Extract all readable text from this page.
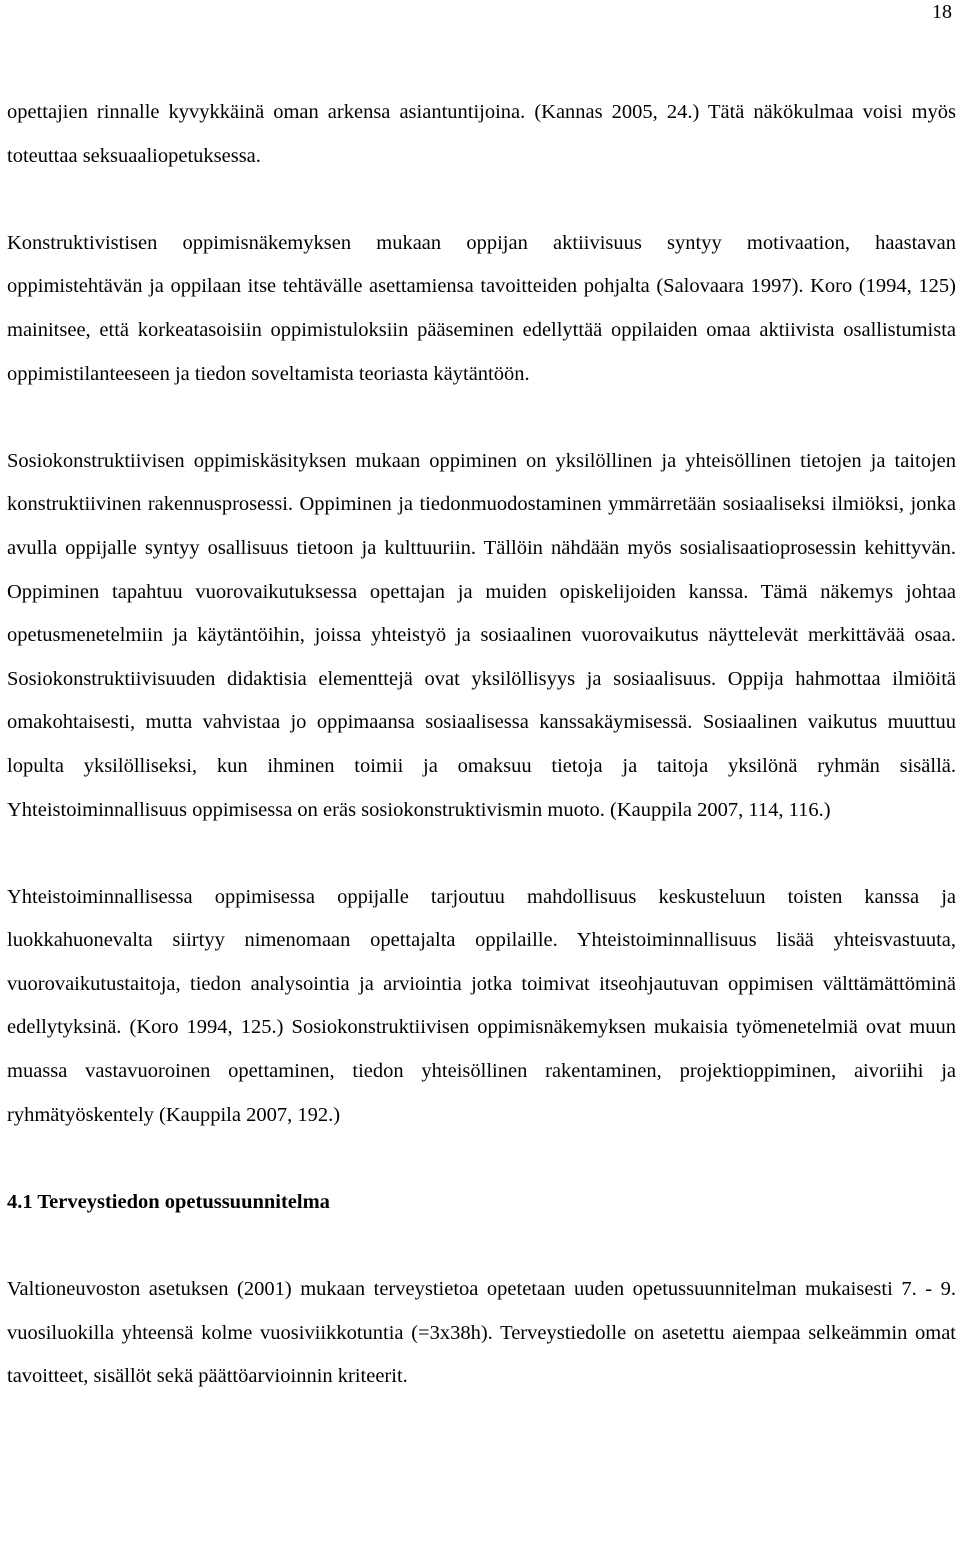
18

opettajien rinnalle kyvykkäinä oman arkensa asiantuntijoina. (Kannas 2005, 24.) Tätä näkökulmaa voisi myös toteuttaa seksuaaliopetuksessa.

Konstruktivistisen oppimisnäkemyksen mukaan oppijan aktiivisuus syntyy motivaation, haastavan oppimistehtävän ja oppilaan itse tehtävälle asettamiensa tavoitteiden pohjalta (Salovaara 1997). Koro (1994, 125) mainitsee, että korkeatasoisiin oppimistuloksiin pääseminen edellyttää oppilaiden omaa aktiivista osallistumista oppimistilanteeseen ja tiedon soveltamista teoriasta käytäntöön.

Sosiokonstruktiivisen oppimiskäsityksen mukaan oppiminen on yksilöllinen ja yhteisöllinen tietojen ja taitojen konstruktiivinen rakennusprosessi. Oppiminen ja tiedonmuodostaminen ymmärretään sosiaaliseksi ilmiöksi, jonka avulla oppijalle syntyy osallisuus tietoon ja kulttuuriin. Tällöin nähdään myös sosialisaatioprosessin kehittyvän. Oppiminen tapahtuu vuorovaikutuksessa opettajan ja muiden opiskelijoiden kanssa. Tämä näkemys johtaa opetusmenetelmiin ja käytäntöihin, joissa yhteistyö ja sosiaalinen vuorovaikutus näyttelevät merkittävää osaa. Sosiokonstruktiivisuuden didaktisia elementtejä ovat yksilöllisyys ja sosiaalisuus. Oppija hahmottaa ilmiöitä omakohtaisesti, mutta vahvistaa jo oppimaansa sosiaalisessa kanssakäymisessä. Sosiaalinen vaikutus muuttuu lopulta yksilölliseksi, kun ihminen toimii ja omaksuu tietoja ja taitoja yksilönä ryhmän sisällä. Yhteistoiminnallisuus oppimisessa on eräs sosiokonstruktivismin muoto. (Kauppila 2007, 114, 116.)

Yhteistoiminnallisessa oppimisessa oppijalle tarjoutuu mahdollisuus keskusteluun toisten kanssa ja luokkahuonevalta siirtyy nimenomaan opettajalta oppilaille. Yhteistoiminnallisuus lisää yhteisvastuuta, vuorovaikutustaitoja, tiedon analysointia ja arviointia jotka toimivat itseohjautuvan oppimisen välttämättöminä edellytyksinä. (Koro 1994, 125.) Sosiokonstruktiivisen oppimisnäkemyksen mukaisia työmenetelmiä ovat muun muassa vastavuoroinen opettaminen, tiedon yhteisöllinen rakentaminen, projektioppiminen, aivoriihi ja ryhmätyöskentely (Kauppila 2007, 192.)

4.1 Terveystiedon opetussuunnitelma

Valtioneuvoston asetuksen (2001) mukaan terveystietoa opetetaan uuden opetussuunnitelman mukaisesti 7. - 9. vuosiluokilla yhteensä kolme vuosiviikkotuntia (=3x38h). Terveystiedolle on asetettu aiempaa selkeämmin omat tavoitteet, sisällöt sekä päättöarvioinnin kriteerit.
